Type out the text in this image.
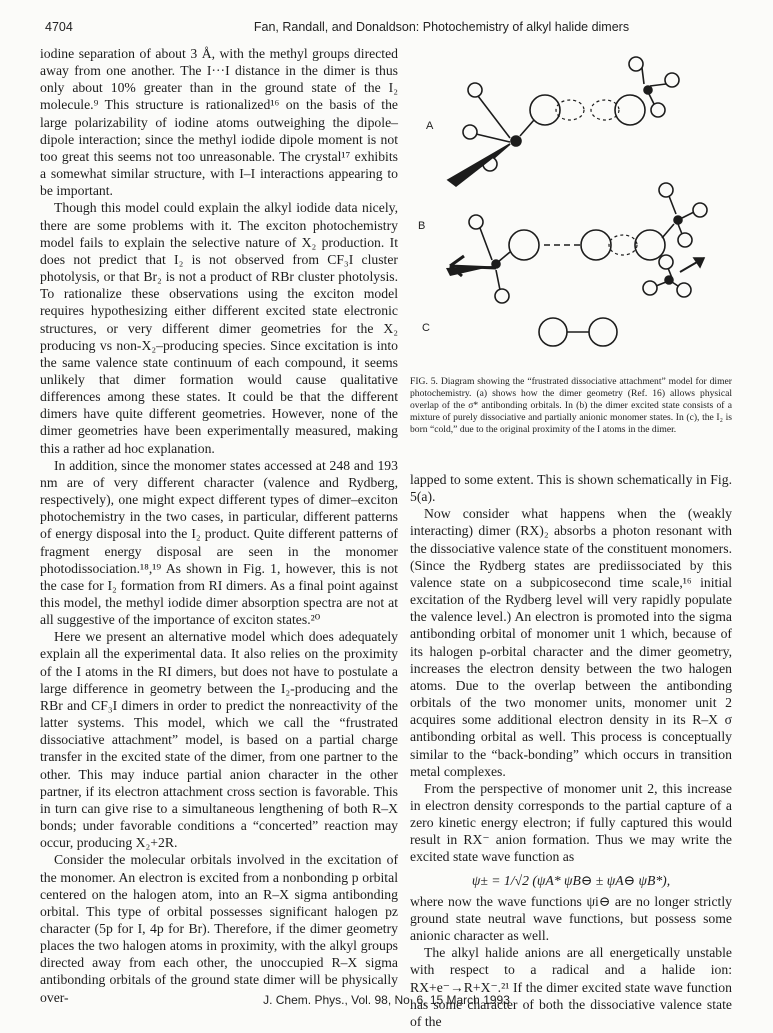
4704	Fan, Randall, and Donaldson: Photochemistry of alkyl halide dimers

iodine separation of about 3 Å, with the methyl groups directed away from one another. The I···I distance in the dimer is thus only about 10% greater than in the ground state of the I₂ molecule.⁹ This structure is rationalized¹⁶ on the basis of the large polarizability of iodine atoms outweighing the dipole–dipole interaction; since the methyl iodide dipole moment is not too great this seems not too unreasonable. The crystal¹⁷ exhibits a somewhat similar structure, with I–I interactions appearing to be important.

Though this model could explain the alkyl iodide data nicely, there are some problems with it. The exciton photochemistry model fails to explain the selective nature of X₂ production. It does not predict that I₂ is not observed from CF₃I cluster photolysis, or that Br₂ is not a product of RBr cluster photolysis. To rationalize these observations using the exciton model requires hypothesizing either different excited state electronic structures, or very different dimer geometries for the X₂ producing vs non-X₂–producing species. Since excitation is into the same valence state continuum of each compound, it seems unlikely that dimer formation would cause qualitative differences among these states. It could be that the different dimers have quite different geometries. However, none of the dimer geometries have been experimentally measured, making this a rather ad hoc explanation.

In addition, since the monomer states accessed at 248 and 193 nm are of very different character (valence and Rydberg, respectively), one might expect different types of dimer–exciton photochemistry in the two cases, in particular, different patterns of energy disposal into the I₂ product. Quite different patterns of fragment energy disposal are seen in the monomer photodissociation.¹⁸,¹⁹ As shown in Fig. 1, however, this is not the case for I₂ formation from RI dimers. As a final point against this model, the methyl iodide dimer absorption spectra are not at all suggestive of the importance of exciton states.²⁰

Here we present an alternative model which does adequately explain all the experimental data. It also relies on the proximity of the I atoms in the RI dimers, but does not have to postulate a large difference in geometry between the I₂-producing and the RBr and CF₃I dimers in order to predict the nonreactivity of the latter systems. This model, which we call the “frustrated dissociative attachment” model, is based on a partial charge transfer in the excited state of the dimer, from one partner to the other. This may induce partial anion character in the other partner, if its electron attachment cross section is favorable. This in turn can give rise to a simultaneous lengthening of both R–X bonds; under favorable conditions a “concerted” reaction may occur, producing X₂+2R.

Consider the molecular orbitals involved in the excitation of the monomer. An electron is excited from a nonbonding p orbital centered on the halogen atom, into an R–X sigma antibonding orbital. This type of orbital possesses significant halogen pz character (5p for I, 4p for Br). Therefore, if the dimer geometry places the two halogen atoms in proximity, with the alkyl groups directed away from each other, the unoccupied R–X sigma antibonding orbitals of the ground state dimer will be physically over-

A
B
C
FIG. 5. Diagram showing the “frustrated dissociative attachment” model for dimer photochemistry. (a) shows how the dimer geometry (Ref. 16) allows physical overlap of the σ* antibonding orbitals. In (b) the dimer excited state consists of a mixture of purely dissociative and partially anionic monomer states. In (c), the I₂ is born “cold,” due to the original proximity of the I atoms in the dimer.

lapped to some extent. This is shown schematically in Fig. 5(a).

Now consider what happens when the (weakly interacting) dimer (RX)₂ absorbs a photon resonant with the dissociative valence state of the constituent monomers. (Since the Rydberg states are prediissociated by this valence state on a subpicosecond time scale,¹⁶ initial excitation of the Rydberg level will very rapidly populate the valence level.) An electron is promoted into the sigma antibonding orbital of monomer unit 1 which, because of its halogen p-orbital character and the dimer geometry, increases the electron density between the two halogen atoms. Due to the overlap between the antibonding orbitals of the two monomer units, monomer unit 2 acquires some additional electron density in its R–X σ antibonding orbital as well. This process is conceptually similar to the “back-bonding” which occurs in transition metal complexes.

From the perspective of monomer unit 2, this increase in electron density corresponds to the partial capture of a zero kinetic energy electron; if fully captured this would result in RX⁻ anion formation. Thus we may write the excited state wave function as

ψ± = 1/√2 (ψA* ψB⊖ ± ψA⊖ ψB*),

where now the wave functions ψi⊖ are no longer strictly ground state neutral wave functions, but possess some anionic character as well.

The alkyl halide anions are all energetically unstable with respect to a radical and a halide ion: RX+e⁻→R+X⁻.²¹ If the dimer excited state wave function has some character of both the dissociative valence state of the

J. Chem. Phys., Vol. 98, No. 6, 15 March 1993
